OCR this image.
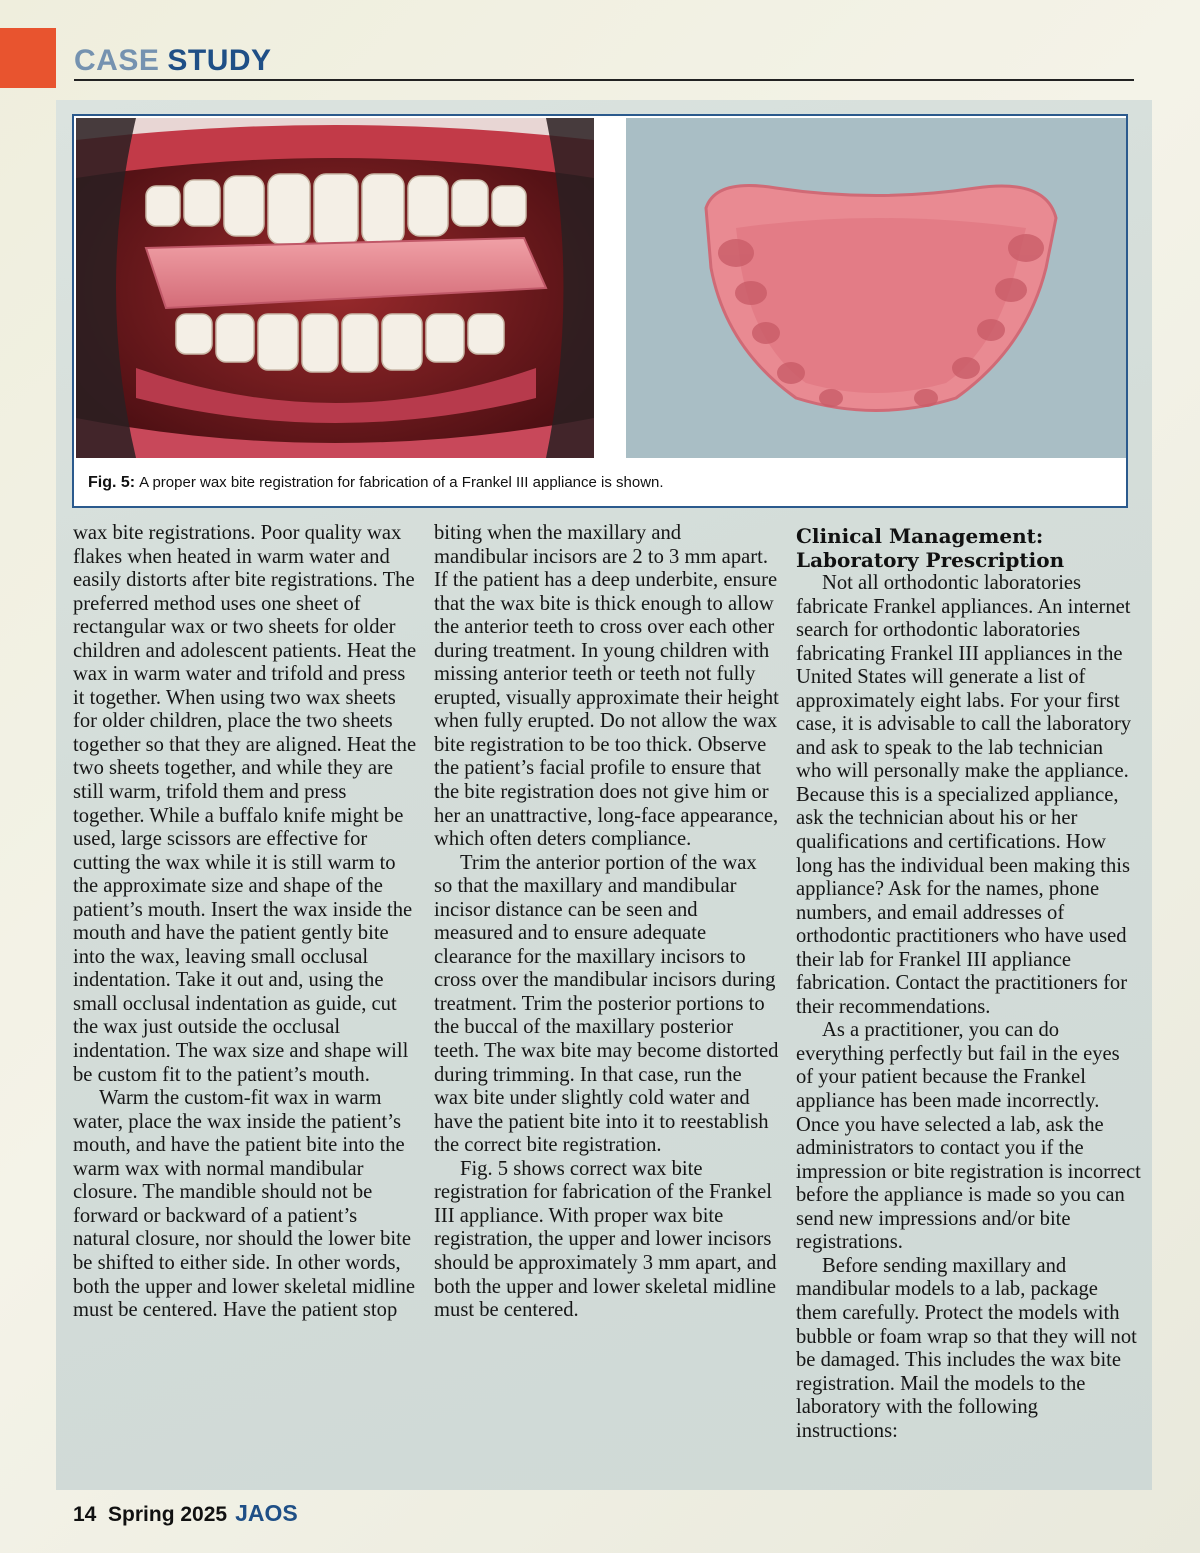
CASE STUDY
Fig. 5: A proper wax bite registration for fabrication of a Frankel III appliance is shown.

wax bite registrations. Poor quality wax flakes when heated in warm water and easily distorts after bite registrations. The preferred method uses one sheet of rectangular wax or two sheets for older children and adolescent patients. Heat the wax in warm water and trifold and press it together. When using two wax sheets for older children, place the two sheets together so that they are aligned. Heat the two sheets together, and while they are still warm, trifold them and press together. While a buffalo knife might be used, large scissors are effective for cutting the wax while it is still warm to the approximate size and shape of the patient’s mouth. Insert the wax inside the mouth and have the patient gently bite into the wax, leaving small occlusal indentation. Take it out and, using the small occlusal indentation as guide, cut the wax just outside the occlusal indentation. The wax size and shape will be custom fit to the patient’s mouth.

Warm the custom-fit wax in warm water, place the wax inside the patient’s mouth, and have the patient bite into the warm wax with normal mandibular closure. The mandible should not be forward or backward of a patient’s natural closure, nor should the lower bite be shifted to either side. In other words, both the upper and lower skeletal midline must be centered. Have the patient stop

biting when the maxillary and mandibular incisors are 2 to 3 mm apart. If the patient has a deep underbite, ensure that the wax bite is thick enough to allow the anterior teeth to cross over each other during treatment. In young children with missing anterior teeth or teeth not fully erupted, visually approximate their height when fully erupted. Do not allow the wax bite registration to be too thick. Observe the patient’s facial profile to ensure that the bite registration does not give him or her an unattractive, long-face appearance, which often deters compliance.

Trim the anterior portion of the wax so that the maxillary and mandibular incisor distance can be seen and measured and to ensure adequate clearance for the maxillary incisors to cross over the mandibular incisors during treatment. Trim the posterior portions to the buccal of the maxillary posterior teeth. The wax bite may become distorted during trimming. In that case, run the wax bite under slightly cold water and have the patient bite into it to reestablish the correct bite registration.

Fig. 5 shows correct wax bite registration for fabrication of the Frankel III appliance. With proper wax bite registration, the upper and lower incisors should be approximately 3 mm apart, and both the upper and lower skeletal midline must be centered.

Clinical Management:
Laboratory Prescription

Not all orthodontic laboratories fabricate Frankel appliances. An internet search for orthodontic laboratories fabricating Frankel III appliances in the United States will generate a list of approximately eight labs. For your first case, it is advisable to call the laboratory and ask to speak to the lab technician who will personally make the appliance. Because this is a specialized appliance, ask the technician about his or her qualifications and certifications. How long has the individual been making this appliance? Ask for the names, phone numbers, and email addresses of orthodontic practitioners who have used their lab for Frankel III appliance fabrication. Contact the practitioners for their recommendations.

As a practitioner, you can do everything perfectly but fail in the eyes of your patient because the Frankel appliance has been made incorrectly. Once you have selected a lab, ask the administrators to contact you if the impression or bite registration is incorrect before the appliance is made so you can send new impressions and/or bite registrations.

Before sending maxillary and mandibular models to a lab, package them carefully. Protect the models with bubble or foam wrap so that they will not be damaged. This includes the wax bite registration. Mail the models to the laboratory with the following instructions:

14 Spring 2025 JAOS
